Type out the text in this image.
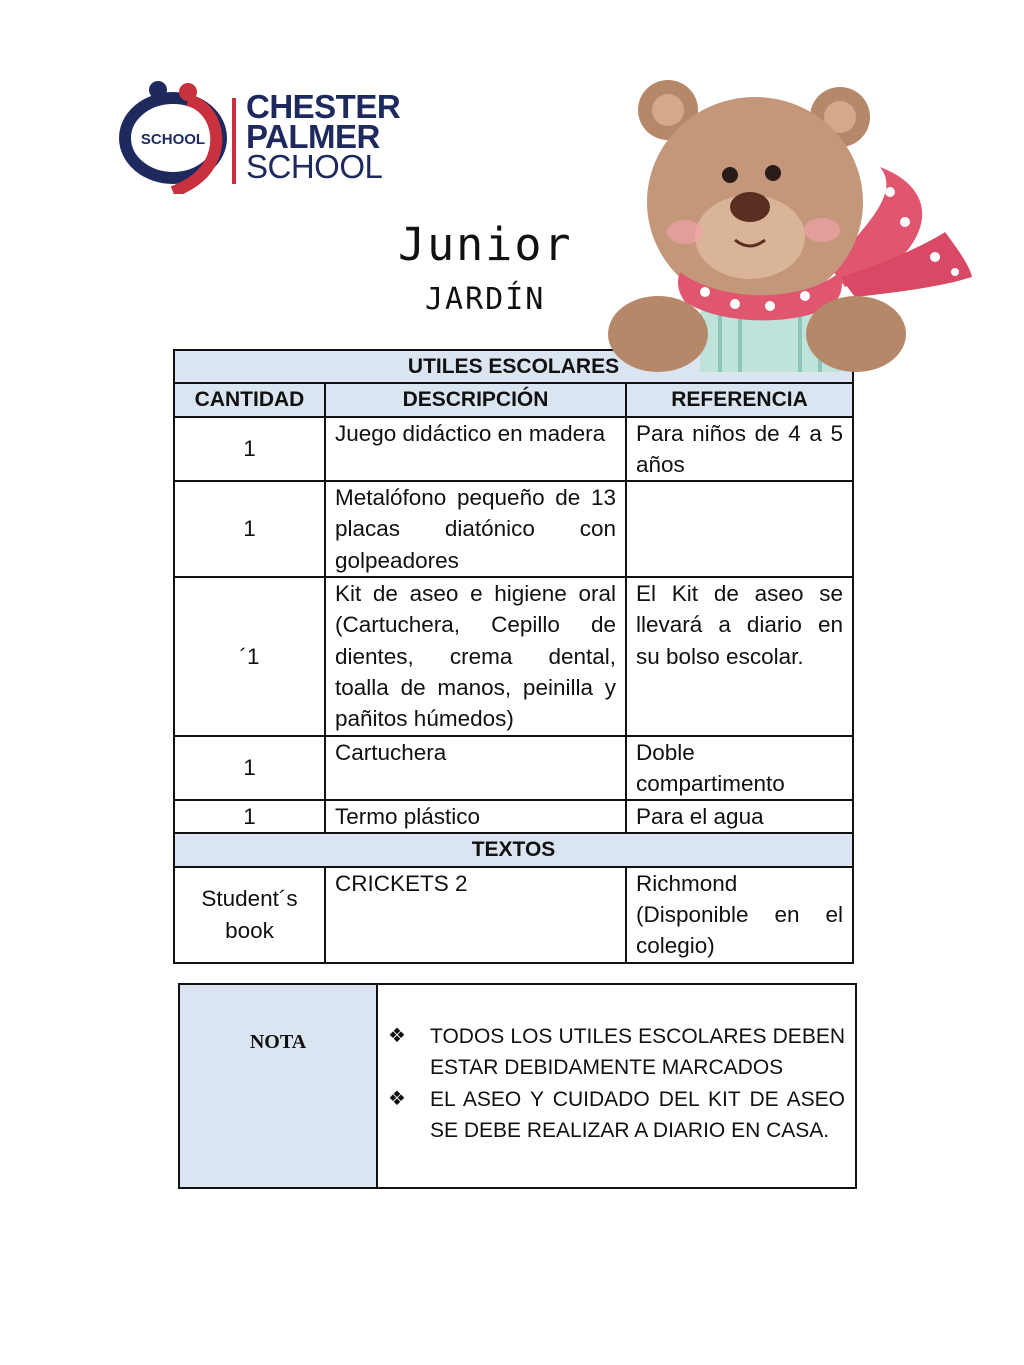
SCHOOL
CHESTER
PALMER
SCHOOL
Junior
JARDÍN
UTILES ESCOLARES		
CANTIDAD	DESCRIPCIÓN	REFERENCIA
1	Juego didáctico en madera	Para niños de 4 a 5 años
1	Metalófono pequeño de 13 placas diatónico con golpeadores	
´1	Kit de aseo e higiene oral (Cartuchera, Cepillo de dientes, crema dental, toalla de manos, peinilla y pañitos húmedos)	El Kit de aseo se llevará a diario en su bolso escolar.
1	Cartuchera	Doble compartimento
1	Termo plástico	Para el agua
TEXTOS		
Student´s book	CRICKETS 2	Richmond (Disponible en el colegio)
NOTA	❖	TODOS LOS UTILES ESCOLARES DEBEN ESTAR DEBIDAMENTE MARCADOS
❖	EL ASEO Y CUIDADO DEL KIT DE ASEO SE DEBE REALIZAR A DIARIO EN CASA.
